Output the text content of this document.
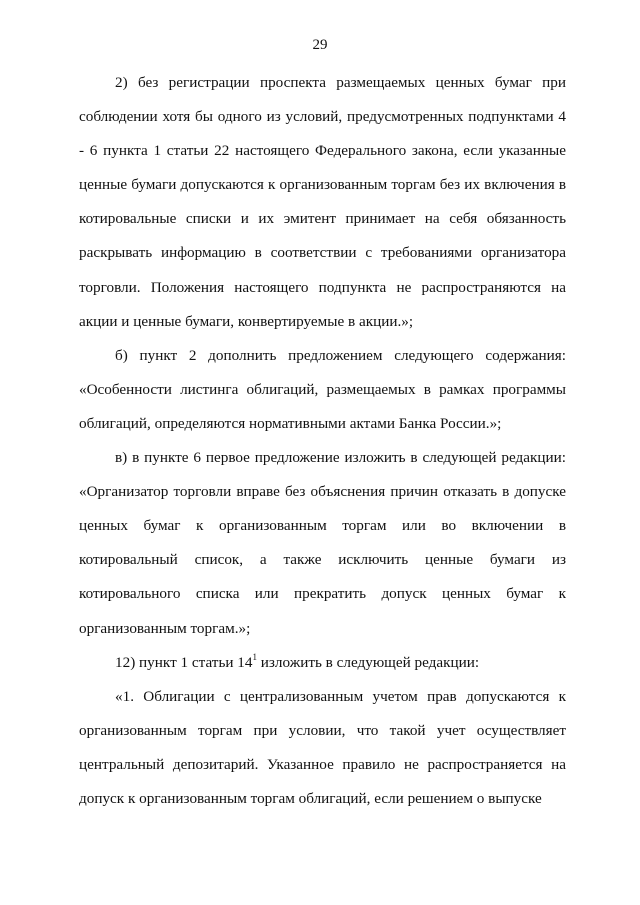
29

2) без регистрации проспекта размещаемых ценных бумаг при соблюдении хотя бы одного из условий, предусмотренных подпунктами 4 - 6 пункта 1 статьи 22 настоящего Федерального закона, если указанные ценные бумаги допускаются к организованным торгам без их включения в котировальные списки и их эмитент принимает на себя обязанность раскрывать информацию в соответствии с требованиями организатора торговли. Положения настоящего подпункта не распространяются на акции и ценные бумаги, конвертируемые в акции.»;

б) пункт 2 дополнить предложением следующего содержания: «Особенности листинга облигаций, размещаемых в рамках программы облигаций, определяются нормативными актами Банка России.»;

в) в пункте 6 первое предложение изложить в следующей редакции: «Организатор торговли вправе без объяснения причин отказать в допуске ценных бумаг к организованным торгам или во включении в котировальный список, а также исключить ценные бумаги из котировального списка или прекратить допуск ценных бумаг к организованным торгам.»;

12) пункт 1 статьи $14^1$ изложить в следующей редакции:

«1. Облигации с централизованным учетом прав допускаются к организованным торгам при условии, что такой учет осуществляет центральный депозитарий. Указанное правило не распространяется на допуск к организованным торгам облигаций, если решением о выпуске
